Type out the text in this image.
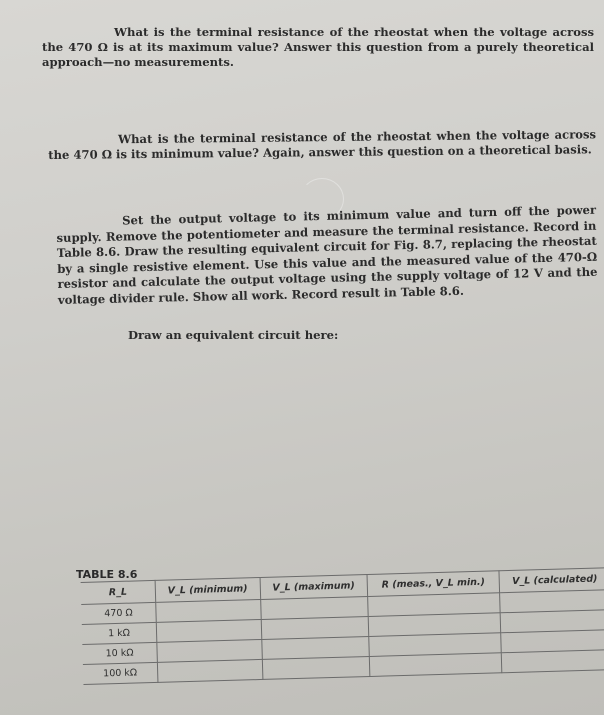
What is the terminal resistance of the rheostat when the voltage across the 470 Ω is at its maximum value? Answer this question from a purely theoretical approach—no measurements.

What is the terminal resistance of the rheostat when the voltage across the 470 Ω is its minimum value? Again, answer this question on a theoretical basis.

Set the output voltage to its minimum value and turn off the power supply. Remove the potentiometer and measure the terminal resistance. Record in Table 8.6. Draw the resulting equivalent circuit for Fig. 8.7, replacing the rheostat by a single resistive element. Use this value and the measured value of the 470-Ω resistor and calculate the output voltage using the supply voltage of 12 V and the voltage divider rule. Show all work. Record result in Table 8.6.

Draw an equivalent circuit here:

TABLE 8.6
R_L	V_L (minimum)	V_L (maximum)	R (meas., V_L min.)	V_L (calculated)
470 Ω				
1 kΩ				
10 kΩ				
100 kΩ				
